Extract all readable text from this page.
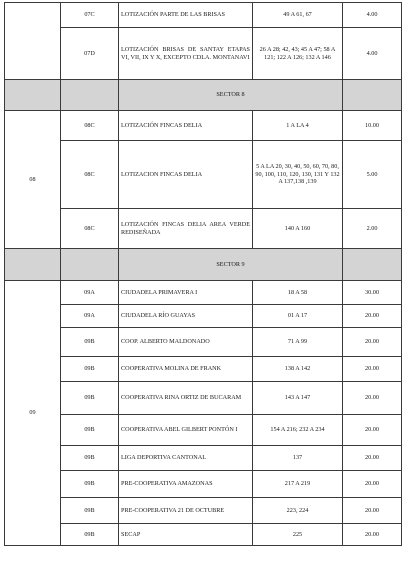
	07C	LOTIZACIÓN PARTE DE LAS BRISAS	49 A 61, 67	4.00
	07D	LOTIZACIÓN BRISAS DE SANTAY ETAPAS VI, VII, IX Y X, EXCEPTO CDLA. MONTANAVI	26 A 28; 42, 43; 45 A 47; 58 A 121; 122 A 126; 132 A 146	4.00
		SECTOR 8		
08	08C	LOTIZACIÓN FINCAS DELIA	1 A LA 4	10.00
	08C	LOTIZACION FINCAS DELIA	5 A LA 20, 30, 40, 50, 60, 70, 80, 90, 100, 110, 120, 130, 131 Y 132 A 137,138 ,139	5.00
	08C	LOTIZACIÓN FINCAS DELIA AREA VERDE REDISEÑADA	140 A 160	2.00
		SECTOR 9		
09	09A	CIUDADELA PRIMAVERA I	18 A 58	30.00
	09A	CIUDADELA RÍO GUAYAS	01 A 17	20.00
	09B	COOP. ALBERTO MALDONADO	71 A 99	20.00
	09B	COOPERATIVA MOLINA DE FRANK	138 A 142	20.00
	09B	COOPERATIVA RINA ORTIZ DE BUCARAM	143 A 147	20.00
	09B	COOPERATIVA ABEL GILBERT PONTÓN I	154 A 216; 232 A 234	20.00
	09B	LIGA DEPORTIVA CANTONAL	137	20.00
	09B	PRE-COOPERATIVA AMAZONAS	217 A 219	20.00
	09B	PRE-COOPERATIVA 21 DE OCTUBRE	223, 224	20.00
	09B	SECAP	225	20.00
